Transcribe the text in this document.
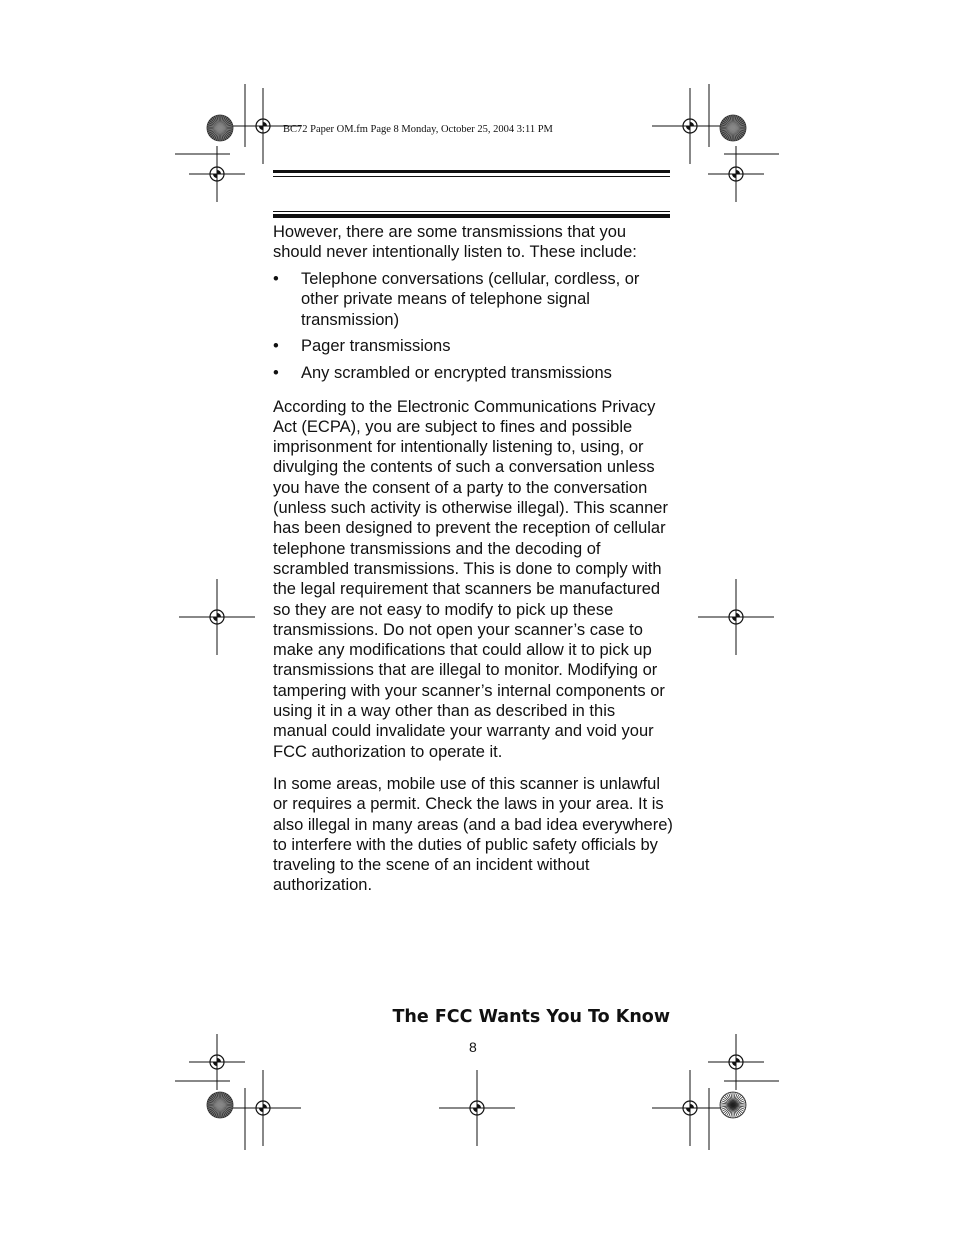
BC72 Paper OM.fm Page 8 Monday, October 25, 2004 3:11 PM

However, there are some transmissions that you should never intentionally listen to. These include:

• Telephone conversations (cellular, cordless, or other private means of telephone signal transmission)
• Pager transmissions
• Any scrambled or encrypted transmissions

According to the Electronic Communications Privacy Act (ECPA), you are subject to fines and possible imprisonment for intentionally listening to, using, or divulging the contents of such a conversation unless you have the consent of a party to the conversation (unless such activity is otherwise illegal). This scanner has been designed to prevent the reception of cellular telephone transmissions and the decoding of scrambled transmissions. This is done to comply with the legal requirement that scanners be manufactured so they are not easy to modify to pick up these transmissions. Do not open your scanner’s case to make any modifications that could allow it to pick up transmissions that are illegal to monitor. Modifying or tampering with your scanner’s internal components or using it in a way other than as described in this manual could invalidate your warranty and void your FCC authorization to operate it.

In some areas, mobile use of this scanner is unlawful or requires a permit. Check the laws in your area. It is also illegal in many areas (and a bad idea everywhere) to interfere with the duties of public safety officials by traveling to the scene of an incident without authorization.

The FCC Wants You To Know
8
